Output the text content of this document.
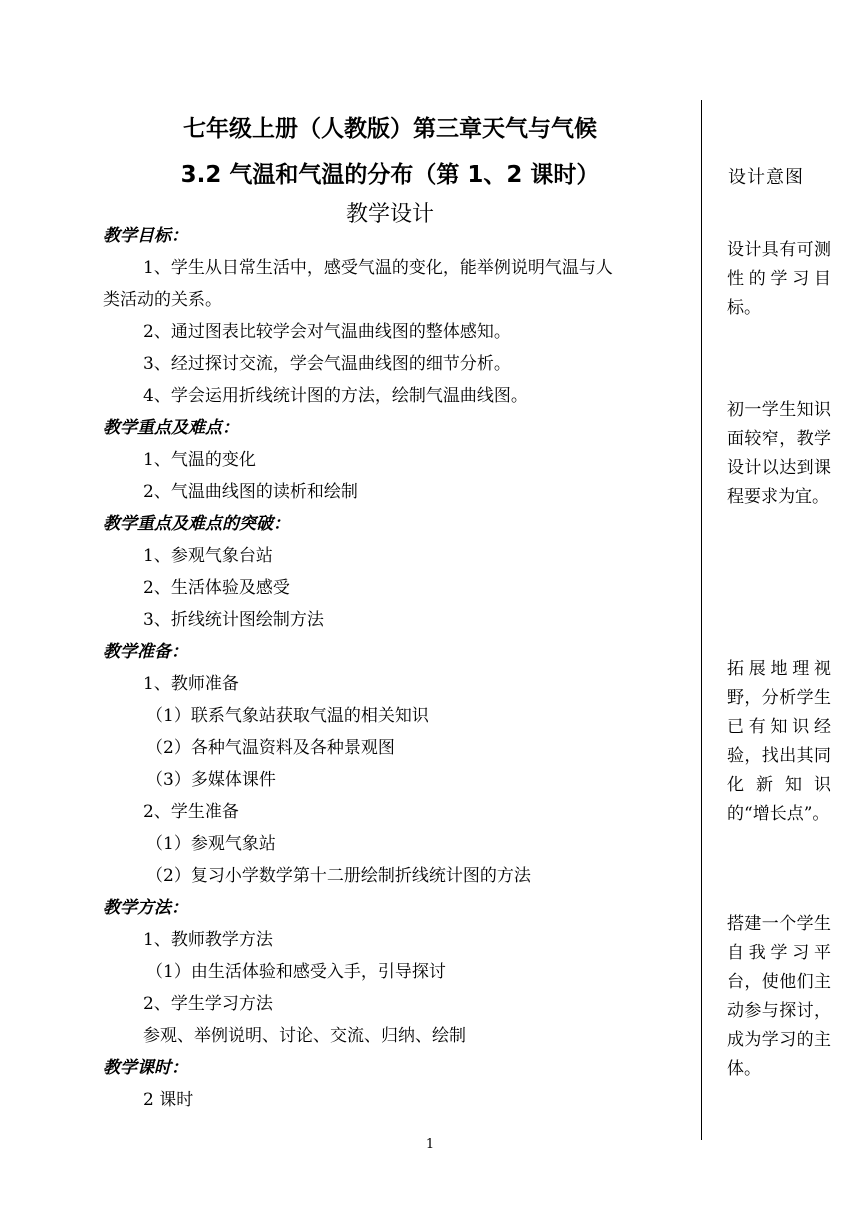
七年级上册（人教版）第三章天气与气候
3.2 气温和气温的分布（第 1、2 课时）
教学设计
教学目标：
1、学生从日常生活中，感受气温的变化，能举例说明气温与人
类活动的关系。
2、通过图表比较学会对气温曲线图的整体感知。
3、经过探讨交流，学会气温曲线图的细节分析。
4、学会运用折线统计图的方法，绘制气温曲线图。
教学重点及难点：
1、气温的变化
2、气温曲线图的读析和绘制
教学重点及难点的突破：
1、参观气象台站
2、生活体验及感受
3、折线统计图绘制方法
教学准备：
1、教师准备
（1）联系气象站获取气温的相关知识
（2）各种气温资料及各种景观图
（3）多媒体课件
2、学生准备
（1）参观气象站
（2）复习小学数学第十二册绘制折线统计图的方法
教学方法：
1、教师教学方法
（1）由生活体验和感受入手，引导探讨
2、学生学习方法
参观、举例说明、讨论、交流、归纳、绘制
教学课时：
2 课时
设计意图
设计具有可测性的学习目标。
初一学生知识面较窄，教学设计以达到课程要求为宜。
拓展地理视野，分析学生已有知识经验，找出其同化新知识的“增长点”。
搭建一个学生自我学习平台，使他们主动参与探讨，成为学习的主体。
1
